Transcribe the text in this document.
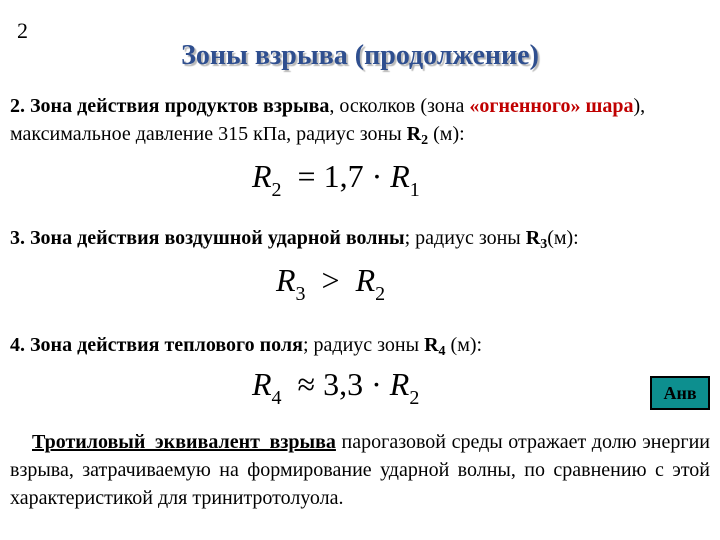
2
Зоны взрыва (продолжение)
2. Зона действия продуктов взрыва, осколков (зона «огненного» шара), максимальное давление 315 кПа, радиус зоны $R_2$ (м):
$R_2 = 1,7 \cdot R_1$
3. Зона действия воздушной ударной волны; радиус зоны $R_3(м)$:
$R_3 > R_2$
4. Зона действия теплового поля; радиус зоны $R_4$ (м):
$R_4 \approx 3,3 \cdot R_2$	Анв
Тротиловый эквивалент взрыва парогазовой среды отражает долю энергии взрыва, затрачиваемую на формирование ударной волны, по сравнению с этой характеристикой для тринитротолуола.
